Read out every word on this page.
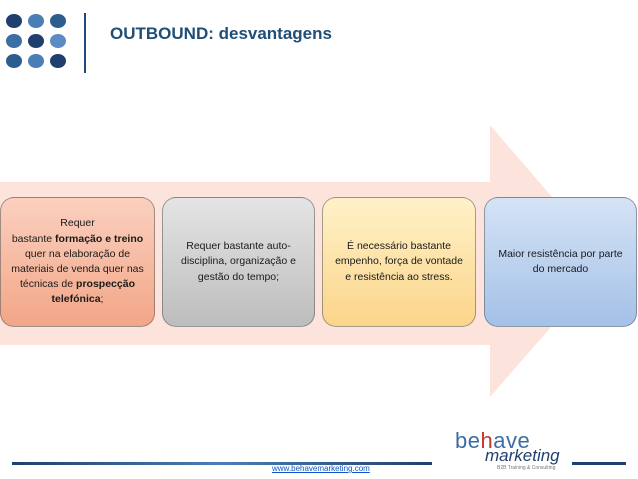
OUTBOUND: desvantagens
Requer
bastante formação e treino quer na elaboração de materiais de venda quer nas técnicas de prospecção telefónica;
Requer bastante auto-disciplina, organização e gestão do tempo;
É necessário bastante empenho, força de vontade e resistência ao stress.
Maior resistência por parte do mercado
www.behavemarketing.com
behave
marketing
B2B Training & Consulting
